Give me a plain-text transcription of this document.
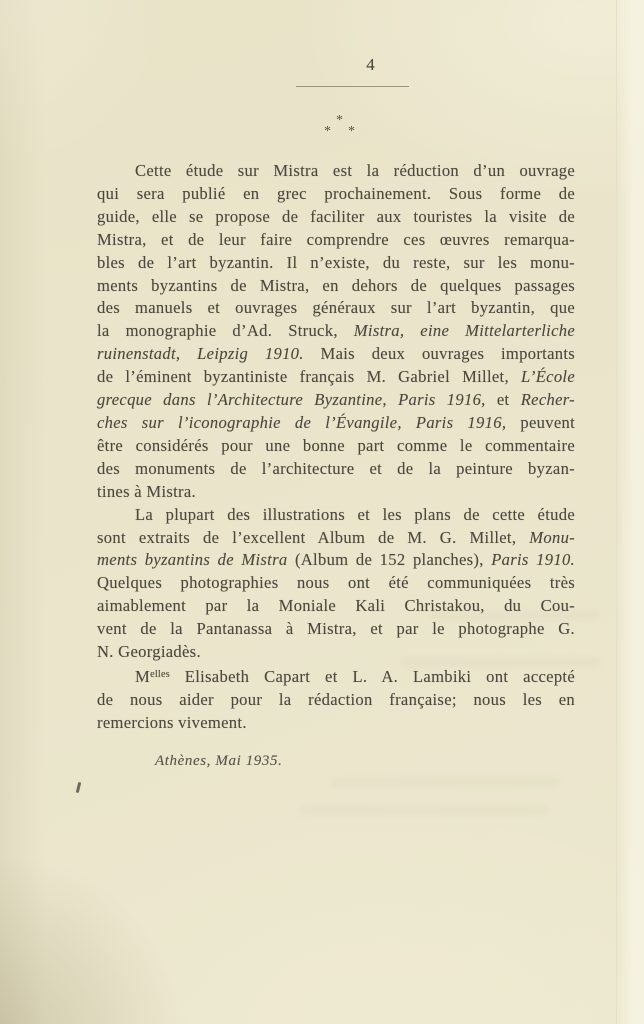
4
*
* *
Cette étude sur Mistra est la réduction d’un ouvrage
qui sera publié en grec prochainement. Sous forme de
guide, elle se propose de faciliter aux touristes la visite de
Mistra, et de leur faire comprendre ces œuvres remarqua-
bles de l’art byzantin. Il n’existe, du reste, sur les monu-
ments byzantins de Mistra, en dehors de quelques passages
des manuels et ouvrages généraux sur l’art byzantin, que
la monographie d’Ad. Struck, Mistra, eine Mittelarterliche
ruinenstadt, Leipzig 1910. Mais deux ouvrages importants
de l’éminent byzantiniste français M. Gabriel Millet, L’École
grecque dans l’Architecture Byzantine, Paris 1916, et Recher-
ches sur l’iconographie de l’Évangile, Paris 1916, peuvent
être considérés pour une bonne part comme le commentaire
des monuments de l’architecture et de la peinture byzan-
tines à Mistra.
La plupart des illustrations et les plans de cette étude
sont extraits de l’excellent Album de M. G. Millet, Monu-
ments byzantins de Mistra (Album de 152 planches), Paris 1910.
Quelques photographies nous ont été communiquées très
aimablement par la Moniale Kali Christakou, du Cou-
vent de la Pantanassa à Mistra, et par le photographe G.
N. Georgiadès.
$M^{elles}$ Elisabeth Capart et L. A. Lambiki ont accepté
de nous aider pour la rédaction française; nous les en
remercions vivement.
Athènes, Mai 1935.
